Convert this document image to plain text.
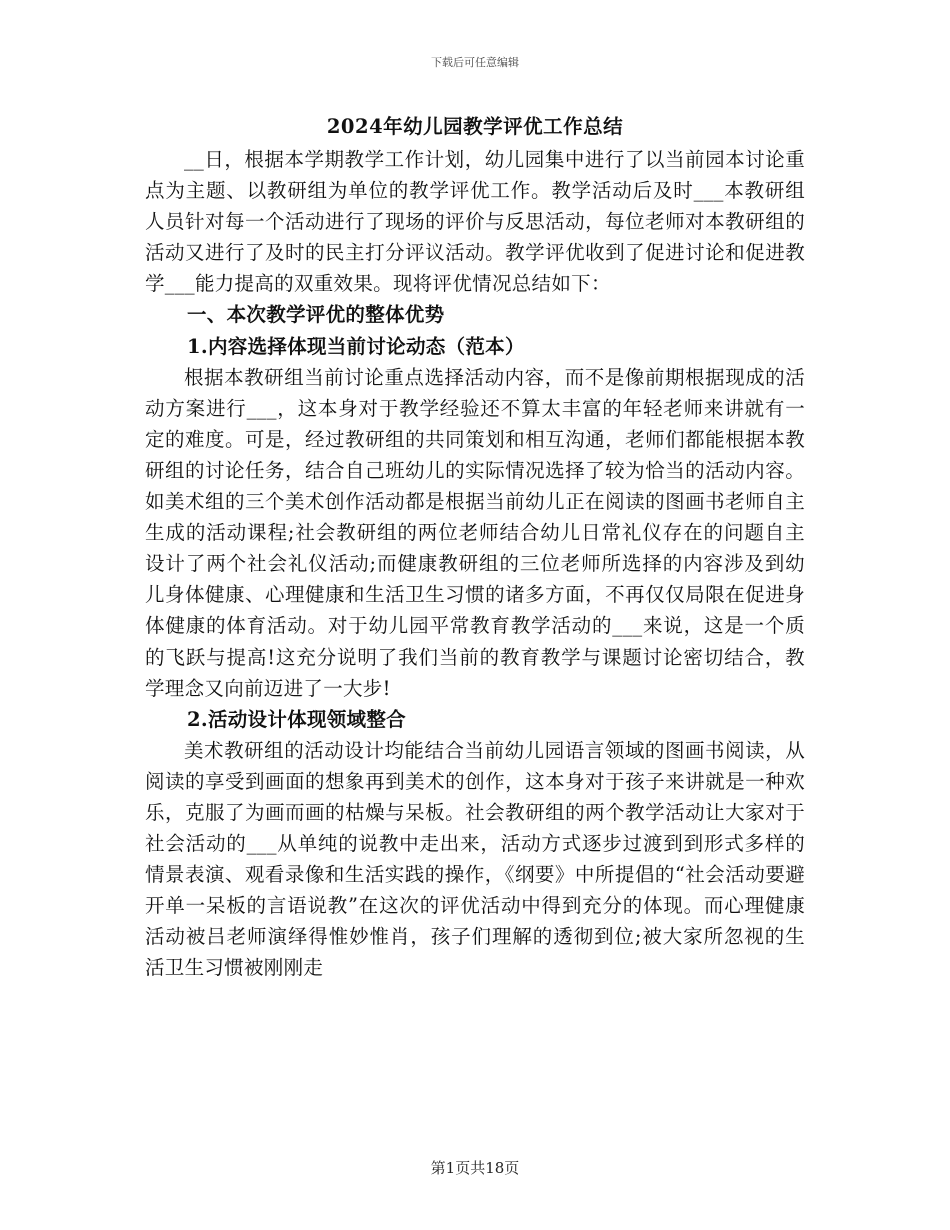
下载后可任意编辑
2024年幼儿园教学评优工作总结

__日，根据本学期教学工作计划，幼儿园集中进行了以当前园本讨论重点为主题、以教研组为单位的教学评优工作。教学活动后及时___本教研组人员针对每一个活动进行了现场的评价与反思活动，每位老师对本教研组的活动又进行了及时的民主打分评议活动。教学评优收到了促进讨论和促进教学___能力提高的双重效果。现将评优情况总结如下：

一、本次教学评优的整体优势

1.内容选择体现当前讨论动态（范本）

根据本教研组当前讨论重点选择活动内容，而不是像前期根据现成的活动方案进行___，这本身对于教学经验还不算太丰富的年轻老师来讲就有一定的难度。可是，经过教研组的共同策划和相互沟通，老师们都能根据本教研组的讨论任务，结合自己班幼儿的实际情况选择了较为恰当的活动内容。如美术组的三个美术创作活动都是根据当前幼儿正在阅读的图画书老师自主生成的活动课程;社会教研组的两位老师结合幼儿日常礼仪存在的问题自主设计了两个社会礼仪活动;而健康教研组的三位老师所选择的内容涉及到幼儿身体健康、心理健康和生活卫生习惯的诸多方面，不再仅仅局限在促进身体健康的体育活动。对于幼儿园平常教育教学活动的___来说，这是一个质的飞跃与提高!这充分说明了我们当前的教育教学与课题讨论密切结合，教学理念又向前迈进了一大步!

2.活动设计体现领域整合

美术教研组的活动设计均能结合当前幼儿园语言领域的图画书阅读，从阅读的享受到画面的想象再到美术的创作，这本身对于孩子来讲就是一种欢乐，克服了为画而画的枯燥与呆板。社会教研组的两个教学活动让大家对于社会活动的___从单纯的说教中走出来，活动方式逐步过渡到到形式多样的情景表演、观看录像和生活实践的操作，《纲要》中所提倡的“社会活动要避开单一呆板的言语说教”在这次的评优活动中得到充分的体现。而心理健康活动被吕老师演绎得惟妙惟肖，孩子们理解的透彻到位;被大家所忽视的生活卫生习惯被刚刚走

第1页共18页
